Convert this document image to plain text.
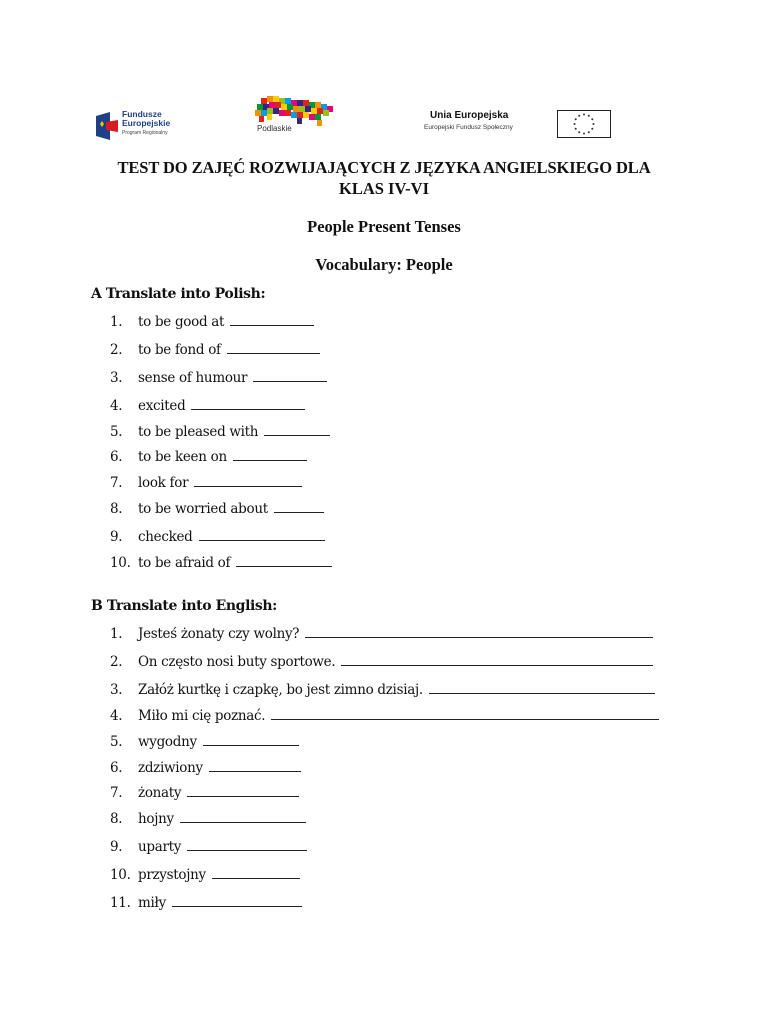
Fundusze
Europejskie
Program Regionalny	Podlaskie
Unia Europejska
Europejski Fundusz Społeczny
TEST DO ZAJĘĆ ROZWIJAJĄCYCH Z JĘZYKA ANGIELSKIEGO DLA
KLAS IV-VI
People Present Tenses
Vocabulary: People
A Translate into Polish:
1. to be good at
2. to be fond of
3. sense of humour
4. excited
5. to be pleased with
6. to be keen on
7. look for
8. to be worried about
9. checked
10. to be afraid of
B Translate into English:
1. Jesteś żonaty czy wolny?
2. On często nosi buty sportowe.
3. Załóż kurtkę i czapkę, bo jest zimno dzisiaj.
4. Miło mi cię poznać.
5. wygodny
6. zdziwiony
7. żonaty
8. hojny
9. uparty
10. przystojny
11. miły
